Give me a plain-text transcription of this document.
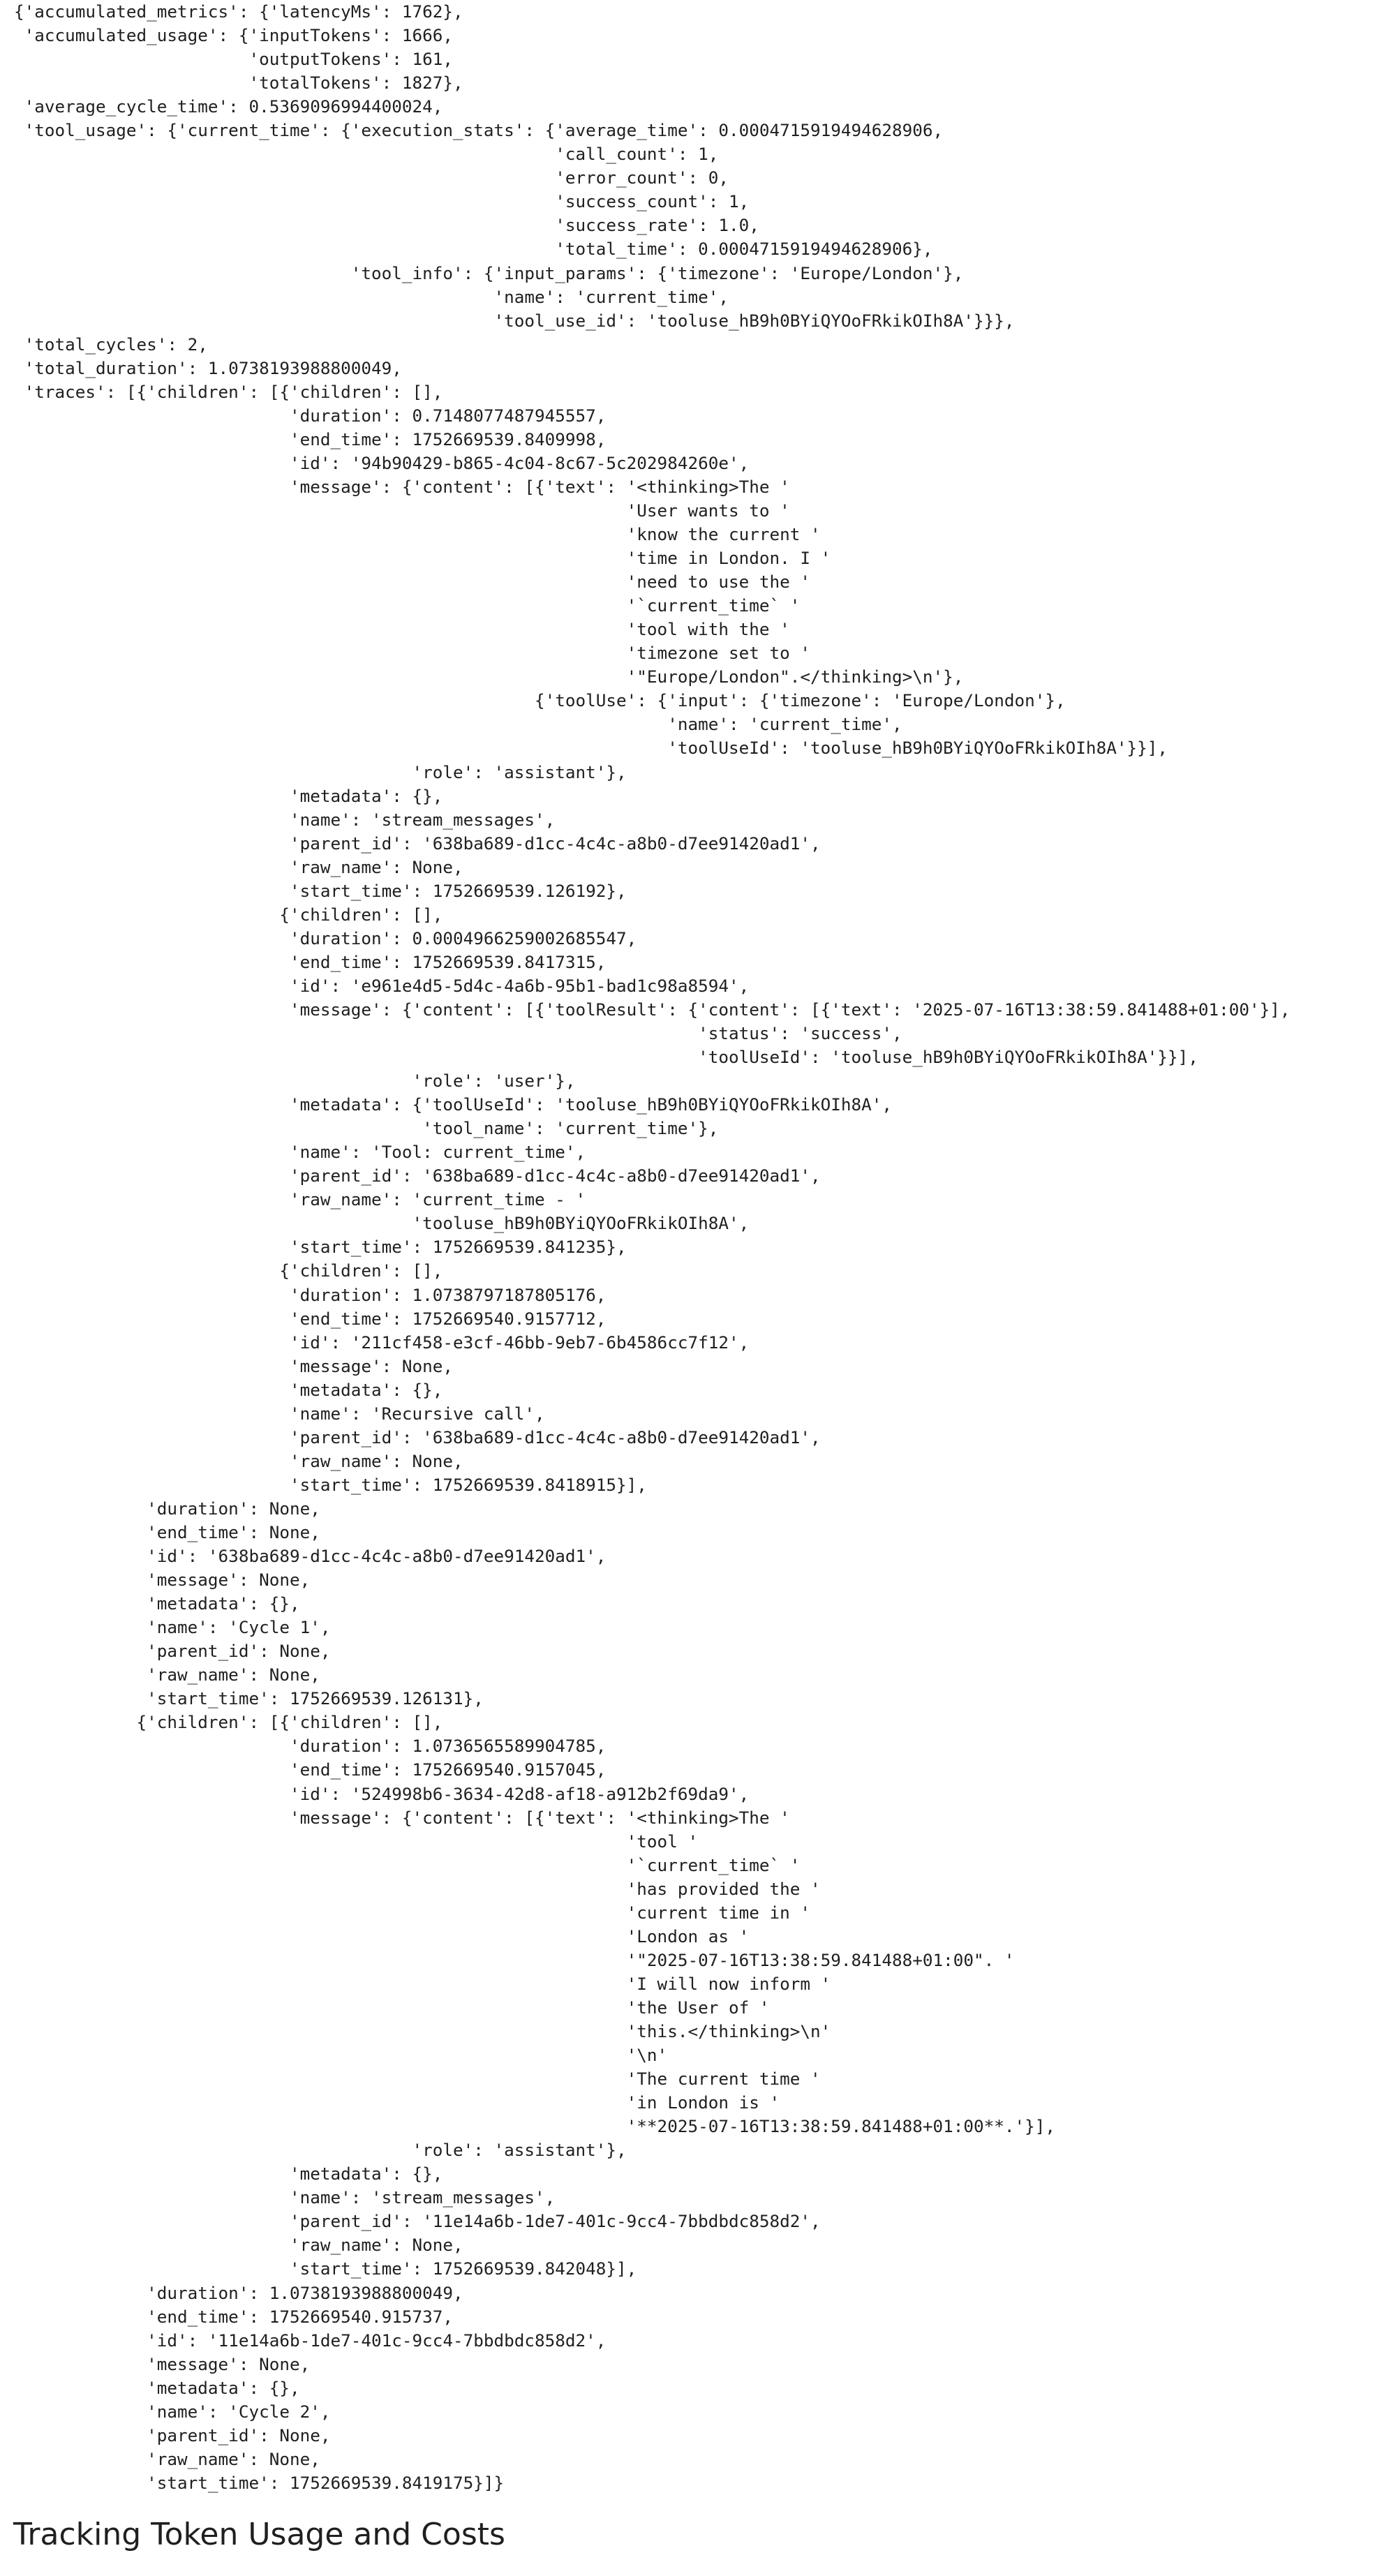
{'accumulated_metrics': {'latencyMs': 1762},
'accumulated_usage': {'inputTokens': 1666,
'outputTokens': 161,
'totalTokens': 1827},
'average_cycle_time': 0.5369096994400024,
'tool_usage': {'current_time': {'execution_stats': {'average_time': 0.0004715919494628906,
'call_count': 1,
'error_count': 0,
'success_count': 1,
'success_rate': 1.0,
'total_time': 0.0004715919494628906},
'tool_info': {'input_params': {'timezone': 'Europe/London'},
'name': 'current_time',
'tool_use_id': 'tooluse_hB9h0BYiQYOoFRkikOIh8A'}}},
'total_cycles': 2,
'total_duration': 1.0738193988800049,
'traces': [{'children': [{'children': [],
'duration': 0.7148077487945557,
'end_time': 1752669539.8409998,
'id': '94b90429-b865-4c04-8c67-5c202984260e',
'message': {'content': [{'text': '<thinking>The '
'User wants to '
'know the current '
'time in London. I '
'need to use the '
'`current_time` '
'tool with the '
'timezone set to '
'"Europe/London".</thinking>\n'},
{'toolUse': {'input': {'timezone': 'Europe/London'},
'name': 'current_time',
'toolUseId': 'tooluse_hB9h0BYiQYOoFRkikOIh8A'}}],
'role': 'assistant'},
'metadata': {},
'name': 'stream_messages',
'parent_id': '638ba689-d1cc-4c4c-a8b0-d7ee91420ad1',
'raw_name': None,
'start_time': 1752669539.126192},
{'children': [],
'duration': 0.0004966259002685547,
'end_time': 1752669539.8417315,
'id': 'e961e4d5-5d4c-4a6b-95b1-bad1c98a8594',
'message': {'content': [{'toolResult': {'content': [{'text': '2025-07-16T13:38:59.841488+01:00'}],
'status': 'success',
'toolUseId': 'tooluse_hB9h0BYiQYOoFRkikOIh8A'}}],
'role': 'user'},
'metadata': {'toolUseId': 'tooluse_hB9h0BYiQYOoFRkikOIh8A',
'tool_name': 'current_time'},
'name': 'Tool: current_time',
'parent_id': '638ba689-d1cc-4c4c-a8b0-d7ee91420ad1',
'raw_name': 'current_time - '
'tooluse_hB9h0BYiQYOoFRkikOIh8A',
'start_time': 1752669539.841235},
{'children': [],
'duration': 1.0738797187805176,
'end_time': 1752669540.9157712,
'id': '211cf458-e3cf-46bb-9eb7-6b4586cc7f12',
'message': None,
'metadata': {},
'name': 'Recursive call',
'parent_id': '638ba689-d1cc-4c4c-a8b0-d7ee91420ad1',
'raw_name': None,
'start_time': 1752669539.8418915}],
'duration': None,
'end_time': None,
'id': '638ba689-d1cc-4c4c-a8b0-d7ee91420ad1',
'message': None,
'metadata': {},
'name': 'Cycle 1',
'parent_id': None,
'raw_name': None,
'start_time': 1752669539.126131},
{'children': [{'children': [],
'duration': 1.0736565589904785,
'end_time': 1752669540.9157045,
'id': '524998b6-3634-42d8-af18-a912b2f69da9',
'message': {'content': [{'text': '<thinking>The '
'tool '
'`current_time` '
'has provided the '
'current time in '
'London as '
'"2025-07-16T13:38:59.841488+01:00". '
'I will now inform '
'the User of '
'this.</thinking>\n'
'\n'
'The current time '
'in London is '
'**2025-07-16T13:38:59.841488+01:00**.'}],
'role': 'assistant'},
'metadata': {},
'name': 'stream_messages',
'parent_id': '11e14a6b-1de7-401c-9cc4-7bbdbdc858d2',
'raw_name': None,
'start_time': 1752669539.842048}],
'duration': 1.0738193988800049,
'end_time': 1752669540.915737,
'id': '11e14a6b-1de7-401c-9cc4-7bbdbdc858d2',
'message': None,
'metadata': {},
'name': 'Cycle 2',
'parent_id': None,
'raw_name': None,
'start_time': 1752669539.8419175}]}
Tracking Token Usage and Costs
